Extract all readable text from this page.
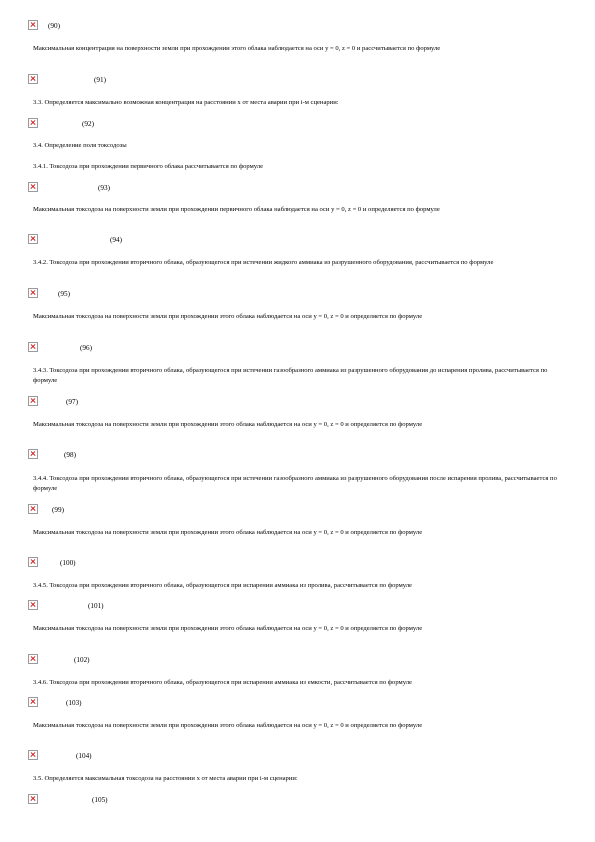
(90)
Максимальная концентрация на поверхности земли при прохождении этого облака наблюдается на оси y = 0, z = 0 и рассчитывается по формуле
(91)
3.3. Определяется максимально возможная концентрация на расстоянии x от места аварии при i-м сценарии:
(92)
3.4. Определение поля токсодозы
3.4.1. Токсодоза при прохождении первичного облака рассчитывается по формуле
(93)
Максимальная токсодоза на поверхности земли при прохождении первичного облака наблюдается на оси y = 0, z = 0 и определяется по формуле
(94)
3.4.2. Токсодоза при прохождении вторичного облака, образующегося при истечении жидкого аммиака из разрушенного оборудования, рассчитывается по формуле
(95)
Максимальная токсодоза на поверхности земли при прохождении этого облака наблюдается на оси y = 0, z = 0 и определяется по формуле
(96)
3.4.3. Токсодоза при прохождении вторичного облака, образующегося при истечении газообразного аммиака из разрушенного оборудования до испарения пролива, рассчитывается по формуле
(97)
Максимальная токсодоза на поверхности земли при прохождении этого облака наблюдается на оси y = 0, z = 0 и определяется по формуле
(98)
3.4.4. Токсодоза при прохождении вторичного облака, образующегося при истечении газообразного аммиака из разрушенного оборудования после испарения пролива, рассчитывается по формуле
(99)
Максимальная токсодоза на поверхности земли при прохождении этого облака наблюдается на оси y = 0, z = 0 и определяется по формуле
(100)
3.4.5. Токсодоза при прохождении вторичного облака, образующегося при испарении аммиака из пролива, рассчитывается по формуле
(101)
Максимальная токсодоза на поверхности земли при прохождении этого облака наблюдается на оси y = 0, z = 0 и определяется по формуле
(102)
3.4.6. Токсодоза при прохождении вторичного облака, образующегося при испарении аммиака из емкости, рассчитывается по формуле
(103)
Максимальная токсодоза на поверхности земли при прохождении этого облака наблюдается на оси y = 0, z = 0 и определяется по формуле
(104)
3.5. Определяется максимальная токсодоза на расстоянии x от места аварии при i-м сценарии:
(105)
